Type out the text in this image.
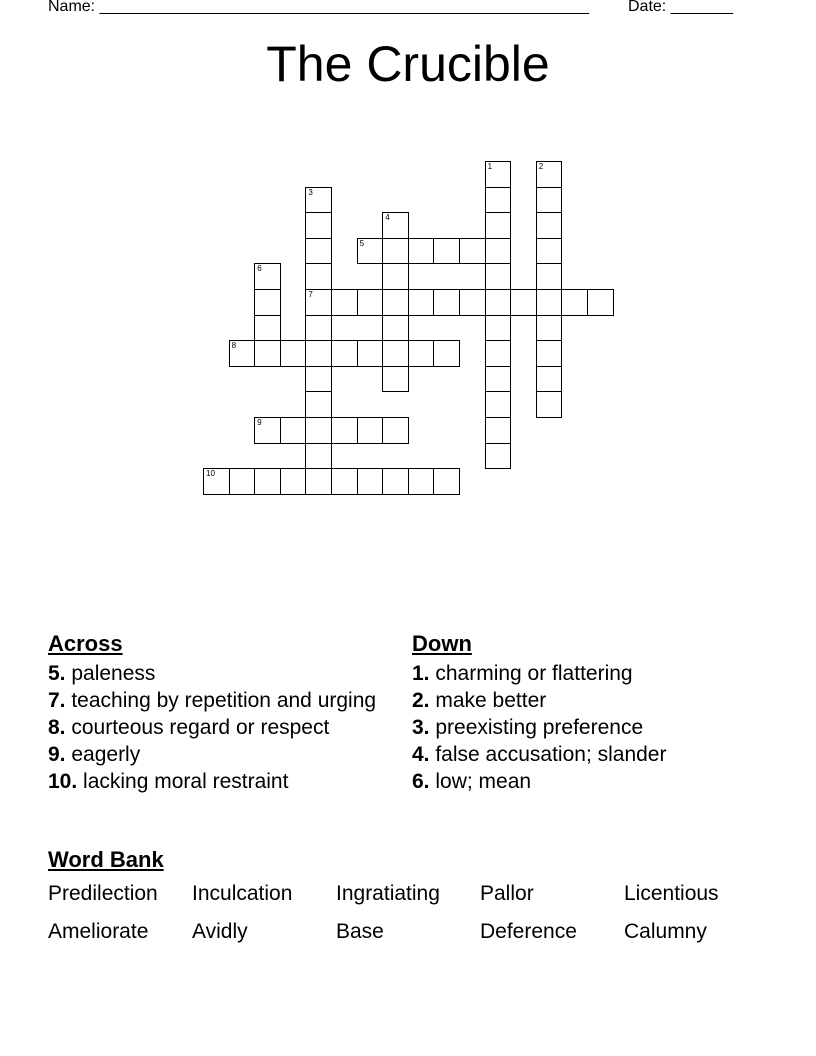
Name: _______________________________________________________ Date: _______
The Crucible
5
7
8
9
10
1	2
3
4
6
Across
5. paleness
7. teaching by repetition and urging
8. courteous regard or respect
9. eagerly
10. lacking moral restraint
Down
1. charming or flattering
2. make better
3. preexisting preference
4. false accusation; slander
6. low; mean
Word Bank
Predilection Inculcation Ingratiating Pallor	Licentious
Ameliorate Avidly	Base	Deference Calumny
